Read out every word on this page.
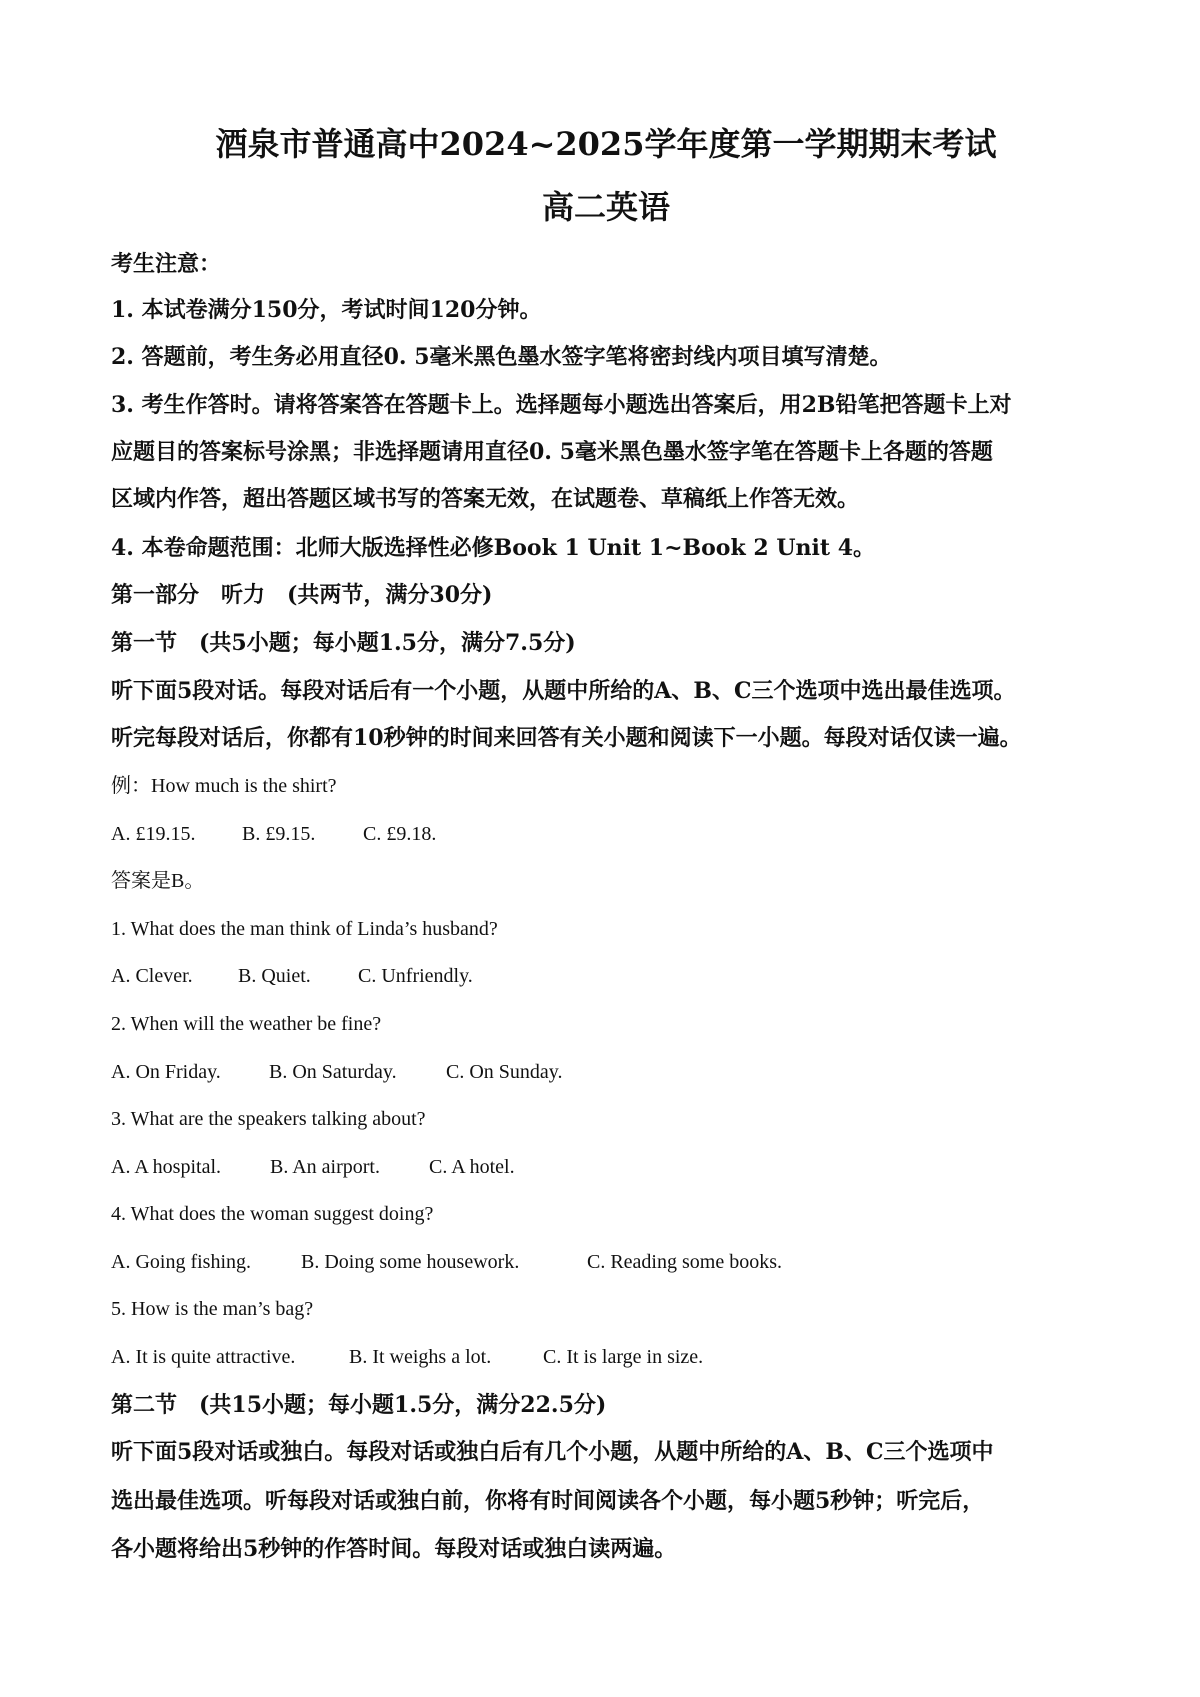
酒泉市普通高中2024~2025学年度第一学期期末考试
高二英语
考生注意：
1. 本试卷满分150分，考试时间120分钟。
2. 答题前，考生务必用直径0. 5毫米黑色墨水签字笔将密封线内项目填写清楚。
3. 考生作答时。请将答案答在答题卡上。选择题每小题选出答案后，用2B铅笔把答题卡上对
应题目的答案标号涂黑；非选择题请用直径0. 5毫米黑色墨水签字笔在答题卡上各题的答题
区域内作答，超出答题区域书写的答案无效，在试题卷、草稿纸上作答无效。
4. 本卷命题范围：北师大版选择性必修Book 1 Unit 1~Book 2 Unit 4。
第一部分　听力　(共两节，满分30分)
第一节　(共5小题；每小题1.5分，满分7.5分)
听下面5段对话。每段对话后有一个小题，从题中所给的A、B、C三个选项中选出最佳选项。
听完每段对话后，你都有10秒钟的时间来回答有关小题和阅读下一小题。每段对话仅读一遍。
例：How much is the shirt?
A. £19.15. B. £9.15. C. £9.18.
答案是B。
1. What does the man think of Linda’s husband?
A. Clever. B. Quiet. C. Unfriendly.
2. When will the weather be fine?
A. On Friday. B. On Saturday. C. On Sunday.
3. What are the speakers talking about?
A. A hospital. B. An airport. C. A hotel.
4. What does the woman suggest doing?
A. Going fishing.	B. Doing some housework.	C. Reading some books.
5. How is the man’s bag?
A. It is quite attractive.	B. It weighs a lot.	C. It is large in size.
第二节　(共15小题；每小题1.5分，满分22.5分)
听下面5段对话或独白。每段对话或独白后有几个小题，从题中所给的A、B、C三个选项中
选出最佳选项。听每段对话或独白前，你将有时间阅读各个小题，每小题5秒钟；听完后，
各小题将给出5秒钟的作答时间。每段对话或独白读两遍。
